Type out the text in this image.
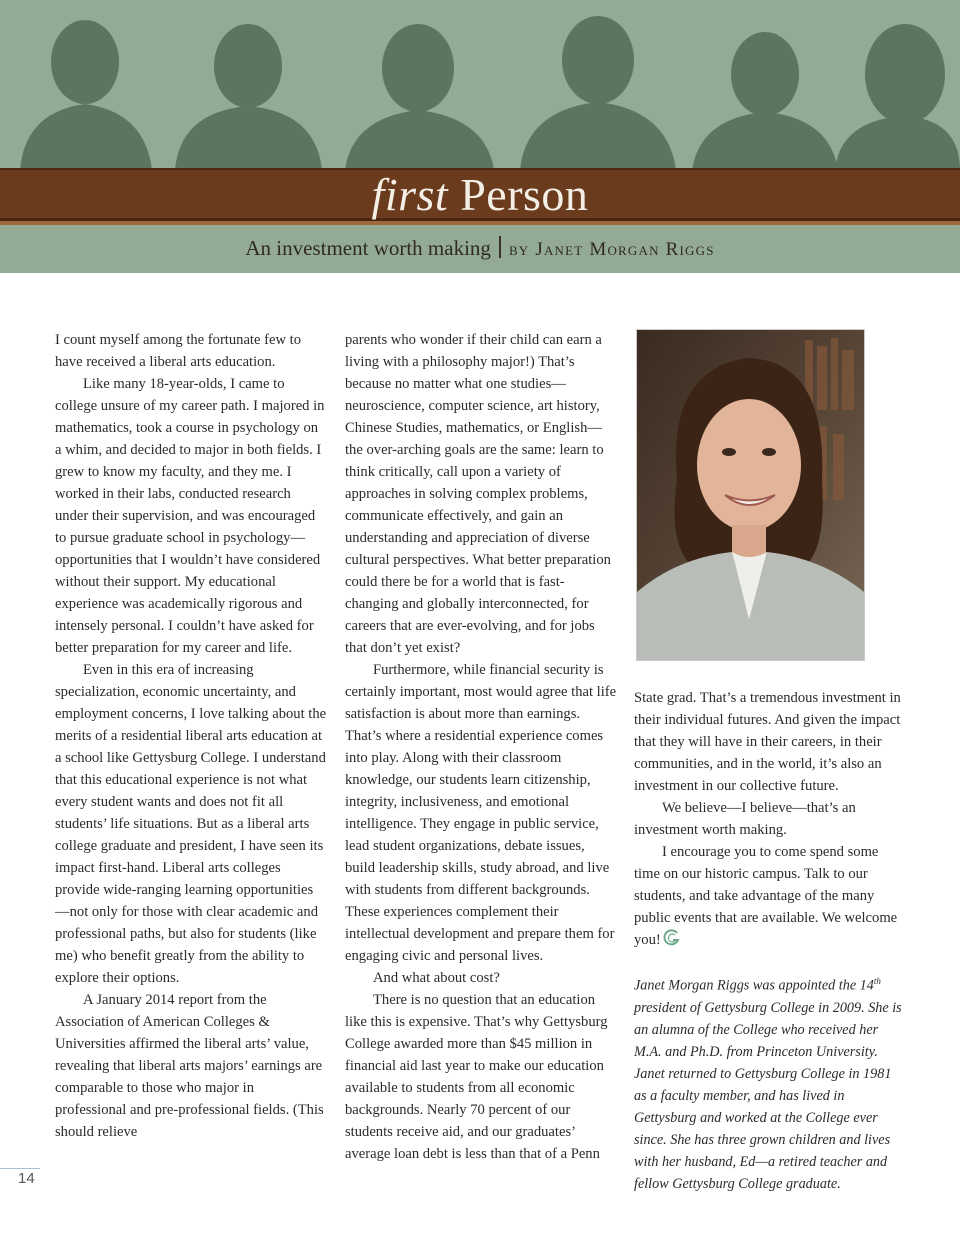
first Person
An investment worth making by Janet Morgan Riggs

I count myself among the fortunate few to have received a liberal arts education.

Like many 18-year-olds, I came to college unsure of my career path. I majored in mathematics, took a course in psychology on a whim, and decided to major in both fields. I grew to know my faculty, and they me. I worked in their labs, conducted research under their supervision, and was encouraged to pursue graduate school in psychology—opportunities that I wouldn’t have considered without their support. My educational experience was academically rigorous and intensely personal. I couldn’t have asked for better preparation for my career and life.

Even in this era of increasing specialization, economic uncertainty, and employment concerns, I love talking about the merits of a residential liberal arts education at a school like Gettysburg College. I understand that this educational experience is not what every student wants and does not fit all students’ life situations. But as a liberal arts college graduate and president, I have seen its impact first-hand. Liberal arts colleges provide wide-ranging learning opportunities—not only for those with clear academic and professional paths, but also for students (like me) who benefit greatly from the ability to explore their options.

A January 2014 report from the Association of American Colleges & Universities affirmed the liberal arts’ value, revealing that liberal arts majors’ earnings are comparable to those who major in professional and pre-professional fields. (This should relieve

parents who wonder if their child can earn a living with a philosophy major!) That’s because no matter what one studies—neuroscience, computer science, art history, Chinese Studies, mathematics, or English—the over-arching goals are the same: learn to think critically, call upon a variety of approaches in solving complex problems, communicate effectively, and gain an understanding and appreciation of diverse cultural perspectives. What better preparation could there be for a world that is fast-changing and globally interconnected, for careers that are ever-evolving, and for jobs that don’t yet exist?

Furthermore, while financial security is certainly important, most would agree that life satisfaction is about more than earnings. That’s where a residential experience comes into play. Along with their classroom knowledge, our students learn citizenship, integrity, inclusiveness, and emotional intelligence. They engage in public service, lead student organizations, debate issues, build leadership skills, study abroad, and live with students from different backgrounds. These experiences complement their intellectual development and prepare them for engaging civic and personal lives.

And what about cost?

There is no question that an education like this is expensive. That’s why Gettysburg College awarded more than $45 million in financial aid last year to make our education available to students from all economic backgrounds. Nearly 70 percent of our students receive aid, and our graduates’ average loan debt is less than that of a Penn

State grad. That’s a tremendous investment in their individual futures. And given the impact that they will have in their careers, in their communities, and in the world, it’s also an investment in our collective future.

We believe—I believe—that’s an investment worth making.

I encourage you to come spend some time on our historic campus. Talk to our students, and take advantage of the many public events that are available. We welcome you!

Janet Morgan Riggs was appointed the 14th president of Gettysburg College in 2009. She is an alumna of the College who received her M.A. and Ph.D. from Princeton University. Janet returned to Gettysburg College in 1981 as a faculty member, and has lived in Gettysburg and worked at the College ever since. She has three grown children and lives with her husband, Ed—a retired teacher and fellow Gettysburg College graduate.

14
